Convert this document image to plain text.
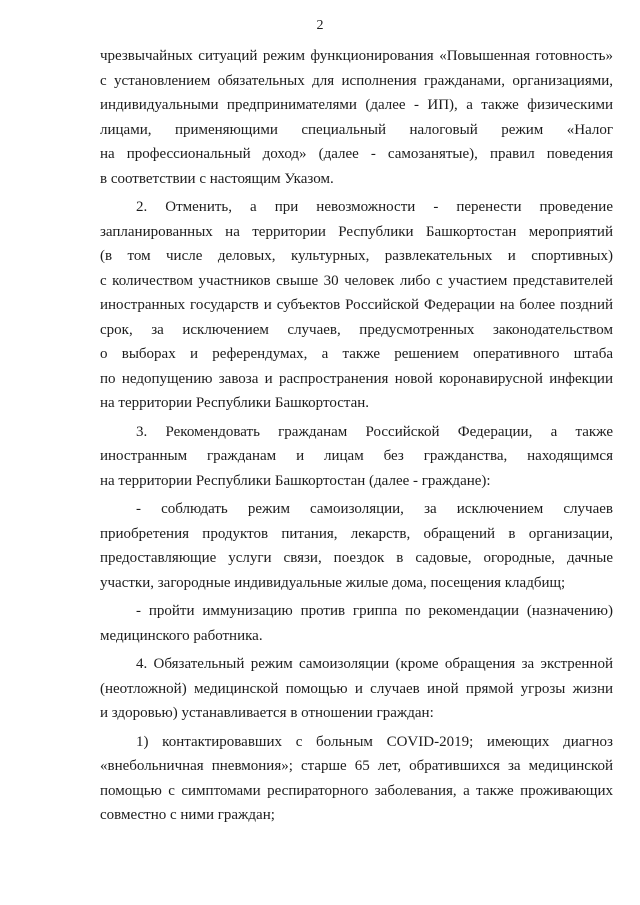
2
чрезвычайных ситуаций режим функционирования «Повышенная готовность»
с установлением обязательных для исполнения гражданами, организациями,
индивидуальными предпринимателями (далее - ИП), а также физическими
лицами, применяющими специальный налоговый режим «Налог
на профессиональный доход» (далее - самозанятые), правил поведения
в соответствии с настоящим Указом.
2. Отменить, а при невозможности - перенести проведение
запланированных на территории Республики Башкортостан мероприятий
(в том числе деловых, культурных, развлекательных и спортивных)
с количеством участников свыше 30 человек либо с участием представителей
иностранных государств и субъектов Российской Федерации на более поздний
срок, за исключением случаев, предусмотренных законодательством
о выборах и референдумах, а также решением оперативного штаба
по недопущению завоза и распространения новой коронавирусной инфекции
на территории Республики Башкортостан.
3. Рекомендовать гражданам Российской Федерации, а также
иностранным гражданам и лицам без гражданства, находящимся
на территории Республики Башкортостан (далее - граждане):
- соблюдать режим самоизоляции, за исключением случаев
приобретения продуктов питания, лекарств, обращений в организации,
предоставляющие услуги связи, поездок в садовые, огородные, дачные
участки, загородные индивидуальные жилые дома, посещения кладбищ;
- пройти иммунизацию против гриппа по рекомендации (назначению)
медицинского работника.
4. Обязательный режим самоизоляции (кроме обращения за экстренной
(неотложной) медицинской помощью и случаев иной прямой угрозы жизни
и здоровью) устанавливается в отношении граждан:
1) контактировавших с больным COVID-2019; имеющих диагноз
«внебольничная пневмония»; старше 65 лет, обратившихся за медицинской
помощью с симптомами респираторного заболевания, а также проживающих
совместно с ними граждан;
